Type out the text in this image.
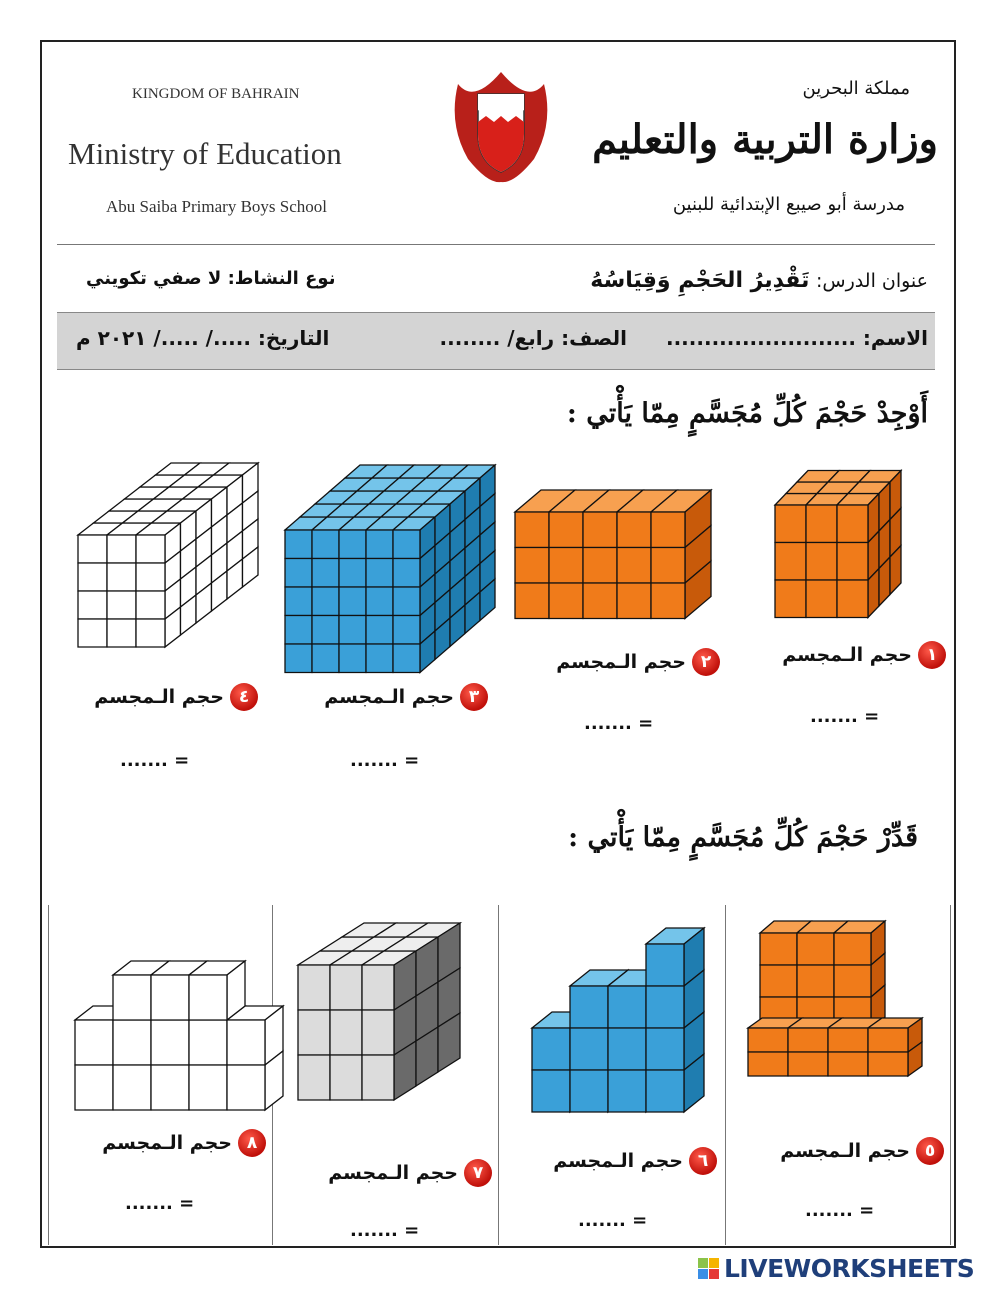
KINGDOM OF BAHRAIN
Ministry of Education
Abu Saiba Primary Boys School
مملكة البحرين
وزارة التربية والتعليم
مدرسة أبو صيبع الإبتدائية للبنين
عنوان الدرس: تَقْدِيرُ الحَجْمِ وَقِيَاسُهُ
نوع النشاط: لا صفي تكويني
الاسم: .........................
الصف: رابع/ ........
التاريخ: ...../ ...../ ٢٠٢١ م
أَوْجِدْ حَجْمَ كُلِّ مُجَسَّمٍ مِمّا يَأْتي :
قَدِّرْ حَجْمَ كُلِّ مُجَسَّمٍ مِمّا يَأْتي :
١
حجم الـمجسم
....... =
٢
حجم الـمجسم
....... =
٣
حجم الـمجسم
....... =
٤
حجم الـمجسم
....... =
٥
حجم الـمجسم
....... =
٦
حجم الـمجسم
....... =
٧
حجم الـمجسم
....... =
٨
حجم الـمجسم
....... =
LIVEWORKSHEETS
